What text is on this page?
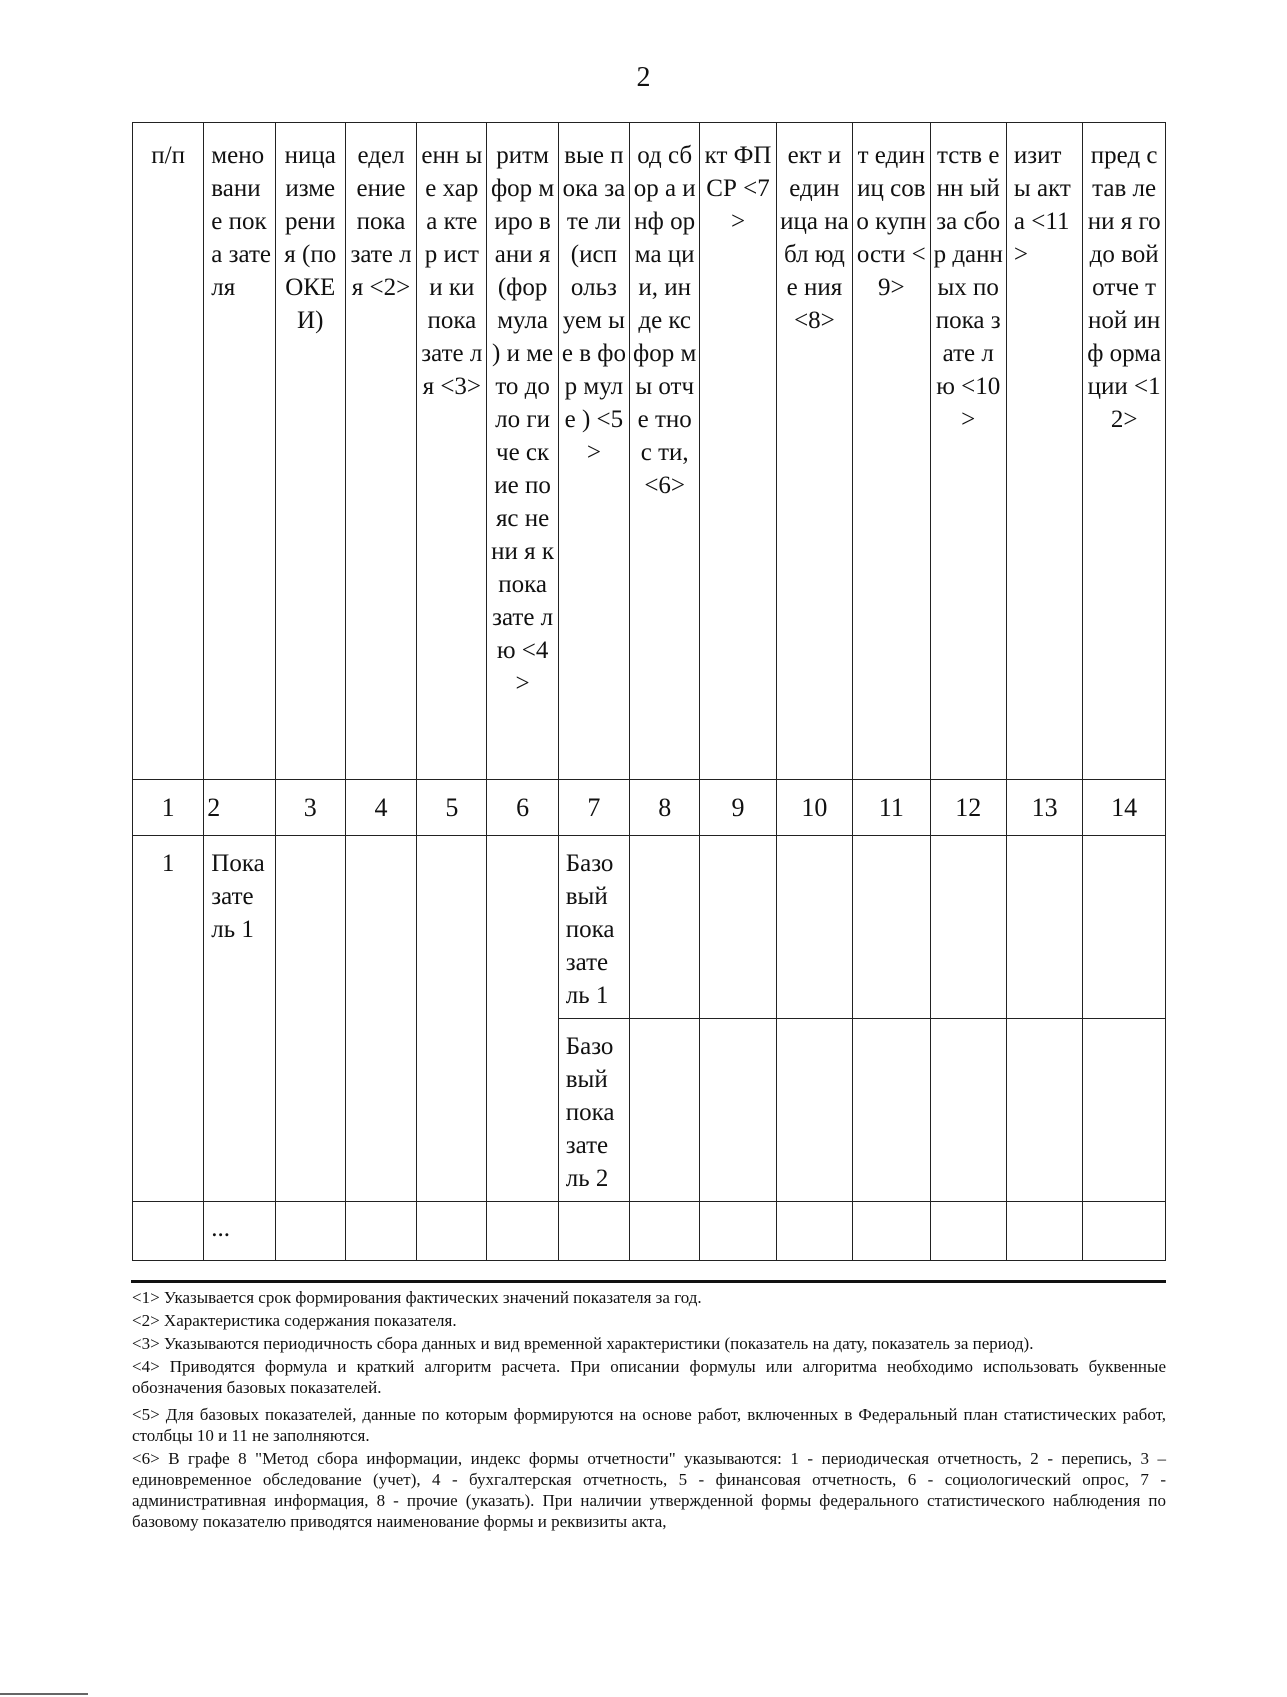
2
п/п	мено вани е пока зате ля	ница изме рени я (по ОКЕ И)	едел ение пока зате ля <2>	енн ые хара ктер исти ки пока зате ля <3>	ритм фор миро вани я (фор мула ) и мето доло гиче ские пояс нени я к пока зате лю <4>	вые пока зате ли (исп ольз уем ые в фор муле ) <5>	од сбор а инф орма ции, инде кс фор мы отче тнос ти, <6>	кт ФП СР <7>	ект и един ица набл юде ния <8>	т един иц сово купн ости <9>	тств енн ый за сбор данн ых по пока зате лю <10>	изит ы акта <11>	пред став лени я годо вой отче тной инф орма ции <12>

1	2	3	4	5	6	7	8	9	10	11	12	13	14

1	Пока зате ль 1					Базо вый пока зате ль 1							

						Базо вый пока зате ль 2							

	...												

<1> Указывается срок формирования фактических значений показателя за год.

<2> Характеристика содержания показателя.

<3> Указываются периодичность сбора данных и вид временной характеристики (показатель на дату, показатель за период).

<4> Приводятся формула и краткий алгоритм расчета. При описании формулы или алгоритма необходимо использовать буквенные обозначения базовых показателей.

<5> Для базовых показателей, данные по которым формируются на основе работ, включенных в Федеральный план статистических работ, столбцы 10 и 11 не заполняются.

<6> В графе 8 "Метод сбора информации, индекс формы отчетности" указываются: 1 - периодическая отчетность, 2 - перепись, 3 – единовременное обследование (учет), 4 - бухгалтерская отчетность, 5 - финансовая отчетность, 6 - социологический опрос, 7 - административная информация, 8 - прочие (указать). При наличии утвержденной формы федерального статистического наблюдения по базовому показателю приводятся наименование формы и реквизиты акта,
